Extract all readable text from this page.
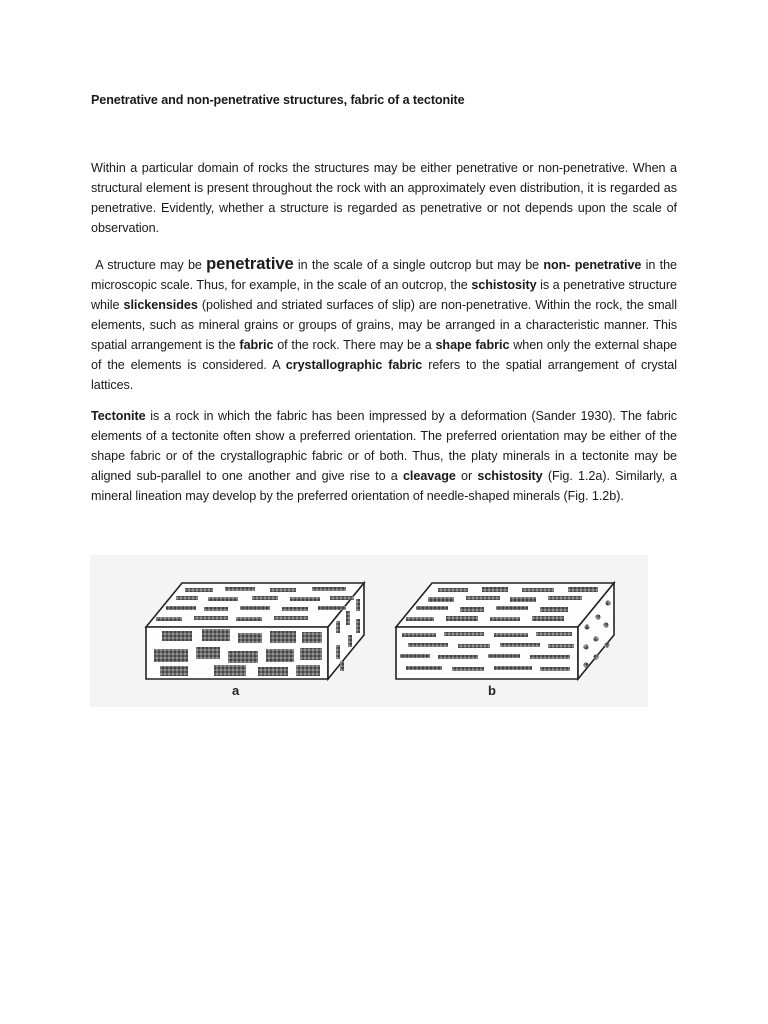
Penetrative and non-penetrative structures, fabric of a tectonite
Within a particular domain of rocks the structures may be either penetrative or non-penetrative. When a structural element is present throughout the rock with an approximately even distribution, it is regarded as penetrative. Evidently, whether a structure is regarded as penetrative or not depends upon the scale of observation.
A structure may be penetrative in the scale of a single outcrop but may be non- penetrative in the microscopic scale. Thus, for example, in the scale of an outcrop, the schistosity is a penetrative structure while slickensides (polished and striated surfaces of slip) are non-penetrative. Within the rock, the small elements, such as mineral grains or groups of grains, may be arranged in a characteristic manner. This spatial arrangement is the fabric of the rock. There may be a shape fabric when only the external shape of the elements is considered. A crystallographic fabric refers to the spatial arrangement of crystal lattices.
Tectonite is a rock in which the fabric has been impressed by a deformation (Sander 1930). The fabric elements of a tectonite often show a preferred orientation. The preferred orientation may be either of the shape fabric or of the crystallographic fabric or of both. Thus, the platy minerals in a tectonite may be aligned sub-parallel to one another and give rise to a cleavage or schistosity (Fig. 1.2a). Similarly, a mineral lineation may develop by the preferred orientation of needle-shaped minerals (Fig. 1.2b).
a	b
